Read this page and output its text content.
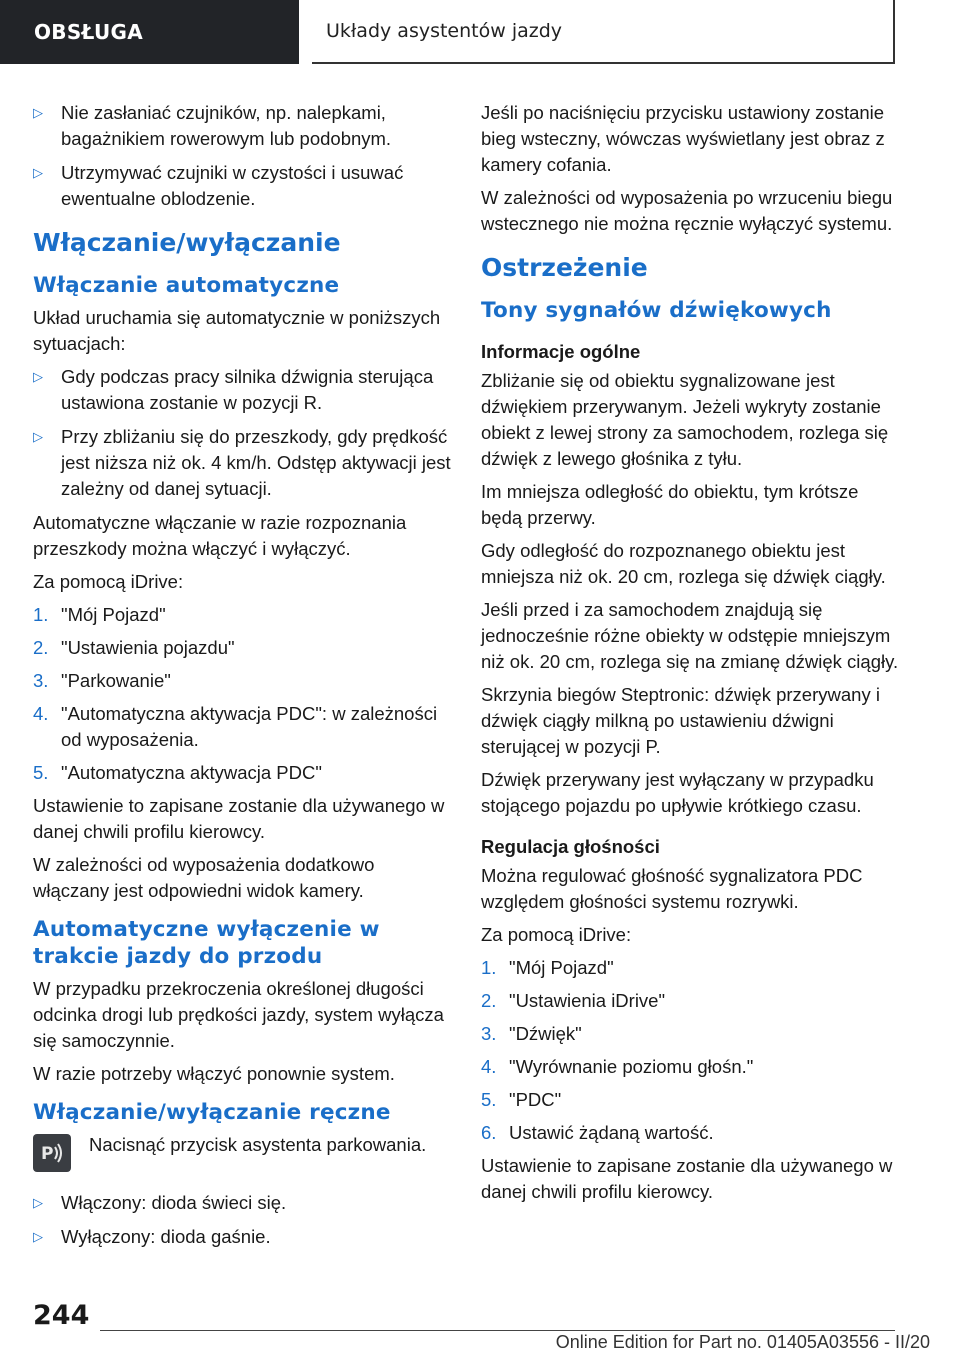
OBSŁUGA	Układy asystentów jazdy
▷ Nie zasłaniać czujników, np. nalepkami, bagażnikiem rowerowym lub podobnym.
▷ Utrzymywać czujniki w czystości i usuwać ewentualne oblodzenie.
Włączanie/wyłączanie
Włączanie automatyczne

Układ uruchamia się automatycznie w poniższych sytuacjach:

▷ Gdy podczas pracy silnika dźwignia sterująca ustawiona zostanie w pozycji R.
▷ Przy zbliżaniu się do przeszkody, gdy prędkość jest niższa niż ok. 4 km/h. Odstęp aktywacji jest zależny od danej sytuacji.

Automatyczne włączanie w razie rozpoznania przeszkody można włączyć i wyłączyć.

Za pomocą iDrive:

1. "Mój Pojazd"
2. "Ustawienia pojazdu"
3. "Parkowanie"
4. "Automatyczna aktywacja PDC": w zależności od wyposażenia.
5. "Automatyczna aktywacja PDC"

Ustawienie to zapisane zostanie dla używanego w danej chwili profilu kierowcy.

W zależności od wyposażenia dodatkowo włączany jest odpowiedni widok kamery.

Automatyczne wyłączenie w trakcie jazdy do przodu

W przypadku przekroczenia określonej długości odcinka drogi lub prędkości jazdy, system wyłącza się samoczynnie.

W razie potrzeby włączyć ponownie system.

Włączanie/wyłączanie ręczne
P Nacisnąć przycisk asystenta parkowania.

▷ Włączony: dioda świeci się.
▷ Wyłączony: dioda gaśnie.

Jeśli po naciśnięciu przycisku ustawiony zostanie bieg wsteczny, wówczas wyświetlany jest obraz z kamery cofania.

W zależności od wyposażenia po wrzuceniu biegu wstecznego nie można ręcznie wyłączyć systemu.

Ostrzeżenie
Tony sygnałów dźwiękowych
Informacje ogólne

Zbliżanie się od obiektu sygnalizowane jest dźwiękiem przerywanym. Jeżeli wykryty zostanie obiekt z lewej strony za samochodem, rozlega się dźwięk z lewego głośnika z tyłu.

Im mniejsza odległość do obiektu, tym krótsze będą przerwy.

Gdy odległość do rozpoznanego obiektu jest mniejsza niż ok. 20 cm, rozlega się dźwięk ciągły.

Jeśli przed i za samochodem znajdują się jednocześnie różne obiekty w odstępie mniejszym niż ok. 20 cm, rozlega się na zmianę dźwięk ciągły.

Skrzynia biegów Steptronic: dźwięk przerywany i dźwięk ciągły milkną po ustawieniu dźwigni sterującej w pozycji P.

Dźwięk przerywany jest wyłączany w przypadku stojącego pojazdu po upływie krótkiego czasu.

Regulacja głośności

Można regulować głośność sygnalizatora PDC względem głośności systemu rozrywki.

Za pomocą iDrive:

1. "Mój Pojazd"
2. "Ustawienia iDrive"
3. "Dźwięk"
4. "Wyrównanie poziomu głośn."
5. "PDC"
6. Ustawić żądaną wartość.

Ustawienie to zapisane zostanie dla używanego w danej chwili profilu kierowcy.

244
Online Edition for Part no. 01405A03556 - II/20
